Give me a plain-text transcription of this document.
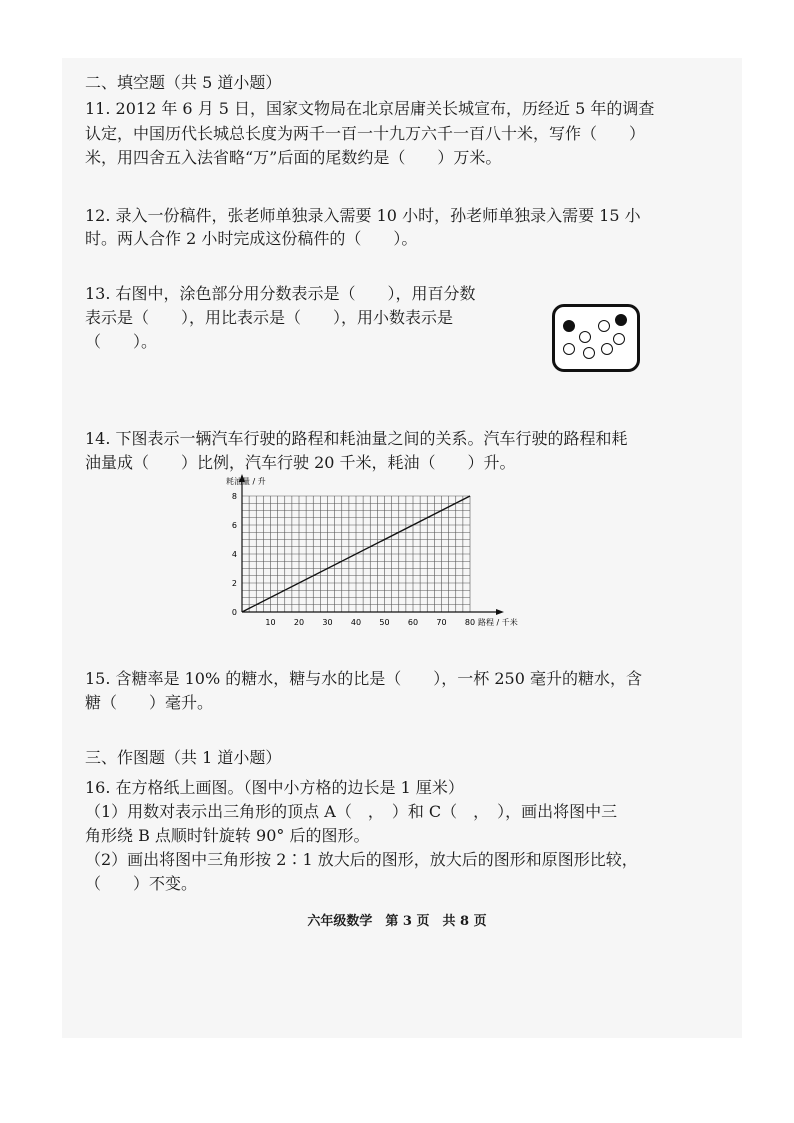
二、填空题（共 5 道小题）
11. 2012 年 6 月 5 日，国家文物局在北京居庸关长城宣布，历经近 5 年的调查
认定，中国历代长城总长度为两千一百一十九万六千一百八十米，写作（　　）
米，用四舍五入法省略“万”后面的尾数约是（　　）万米。
12. 录入一份稿件，张老师单独录入需要 10 小时，孙老师单独录入需要 15 小
时。两人合作 2 小时完成这份稿件的（　　）。
13. 右图中，涂色部分用分数表示是（　　），用百分数
表示是（　　），用比表示是（　　），用小数表示是
（　　）。
14. 下图表示一辆汽车行驶的路程和耗油量之间的关系。汽车行驶的路程和耗
油量成（　　）比例，汽车行驶 20 千米，耗油（　　）升。
10 20 30 40 50 60 70 80
0
2
4
6
8
耗油量 / 升
路程 / 千米
15. 含糖率是 10% 的糖水，糖与水的比是（　　），一杯 250 毫升的糖水，含
糖（　　）毫升。
三、作图题（共 1 道小题）
16. 在方格纸上画图。（图中小方格的边长是 1 厘米）
（1）用数对表示出三角形的顶点 A（　，　）和 C（　，　），画出将图中三
角形绕 B 点顺时针旋转 90° 后的图形。
（2）画出将图中三角形按 2∶1 放大后的图形，放大后的图形和原图形比较，
（　　）不变。
六年级数学　第 3 页　共 8 页
